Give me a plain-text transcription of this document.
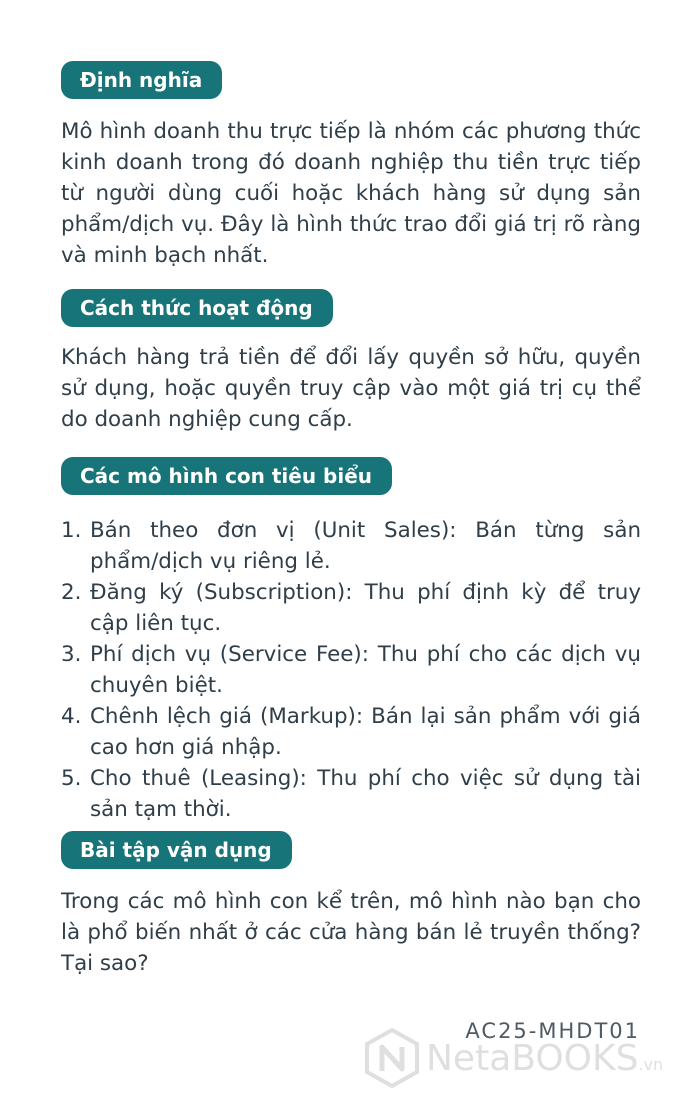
Định nghĩa

Mô hình doanh thu trực tiếp là nhóm các phương thức kinh doanh trong đó doanh nghiệp thu tiền trực tiếp từ người dùng cuối hoặc khách hàng sử dụng sản phẩm/dịch vụ. Đây là hình thức trao đổi giá trị rõ ràng và minh bạch nhất.

Cách thức hoạt động

Khách hàng trả tiền để đổi lấy quyền sở hữu, quyền sử dụng, hoặc quyền truy cập vào một giá trị cụ thể do doanh nghiệp cung cấp.

Các mô hình con tiêu biểu
1. Bán theo đơn vị (Unit Sales): Bán từng sản phẩm/dịch vụ riêng lẻ.
2. Đăng ký (Subscription): Thu phí định kỳ để truy cập liên tục.
3. Phí dịch vụ (Service Fee): Thu phí cho các dịch vụ chuyên biệt.
4. Chênh lệch giá (Markup): Bán lại sản phẩm với giá cao hơn giá nhập.
5. Cho thuê (Leasing): Thu phí cho việc sử dụng tài sản tạm thời.
Bài tập vận dụng

Trong các mô hình con kể trên, mô hình nào bạn cho là phổ biến nhất ở các cửa hàng bán lẻ truyền thống? Tại sao?

NetaBOOKS.vn
AC25-MHDT01
